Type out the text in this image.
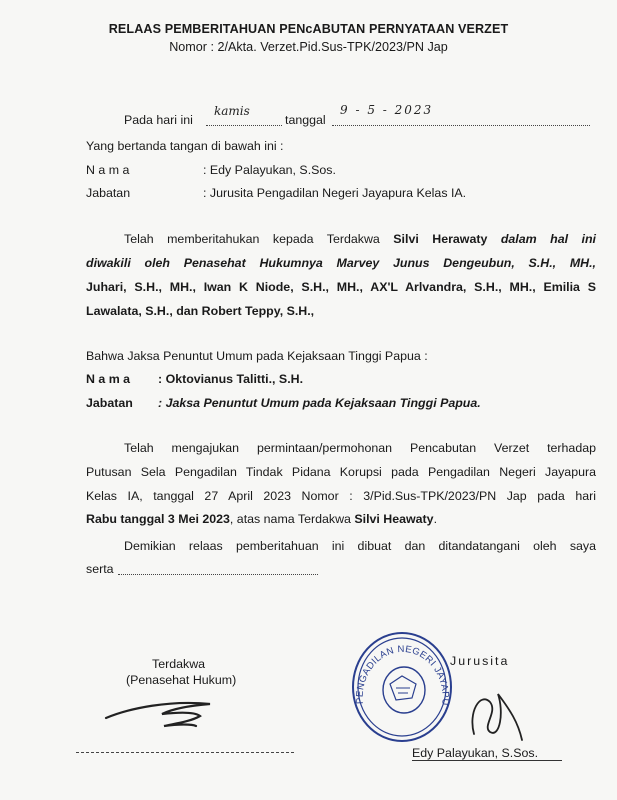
RELAAS PEMBERITAHUAN PENcABUTAN PERNYATAAN VERZET
Nomor : 2/Akta. Verzet.Pid.Sus-TPK/2023/PN Jap
Pada hari ini
kamis
tanggal
9 - 5 - 2023
Yang bertanda tangan di bawah ini :
N a m a	: Edy Palayukan, S.Sos.
Jabatan	: Jurusita Pengadilan Negeri Jayapura Kelas IA.
Telah memberitahukan kepada Terdakwa Silvi Herawaty dalam hal ini
diwakili oleh Penasehat Hukumnya Marvey Junus Dengeubun, S.H., MH.,
Juhari, S.H., MH., Iwan K Niode, S.H., MH., AX'L Arlvandra, S.H., MH., Emilia S
Lawalata, S.H., dan Robert Teppy, S.H.,
Bahwa Jaksa Penuntut Umum pada Kejaksaan Tinggi Papua :
N a m a : Oktovianus Talitti., S.H.
Jabatan : Jaksa Penuntut Umum pada Kejaksaan Tinggi Papua.
Telah mengajukan permintaan/permohonan Pencabutan Verzet terhadap
Putusan Sela Pengadilan Tindak Pidana Korupsi pada Pengadilan Negeri Jayapura
Kelas IA, tanggal 27 April 2023 Nomor : 3/Pid.Sus-TPK/2023/PN Jap pada hari
Rabu tanggal 3 Mei 2023, atas nama Terdakwa Silvi Heawaty.
Demikian relaas pemberitahuan ini dibuat dan ditandatangani oleh saya
serta
Terdakwa
(Penasehat Hukum)
PENGADILAN NEGERI JAYAPURA
Jurusita
Edy Palayukan, S.Sos.
